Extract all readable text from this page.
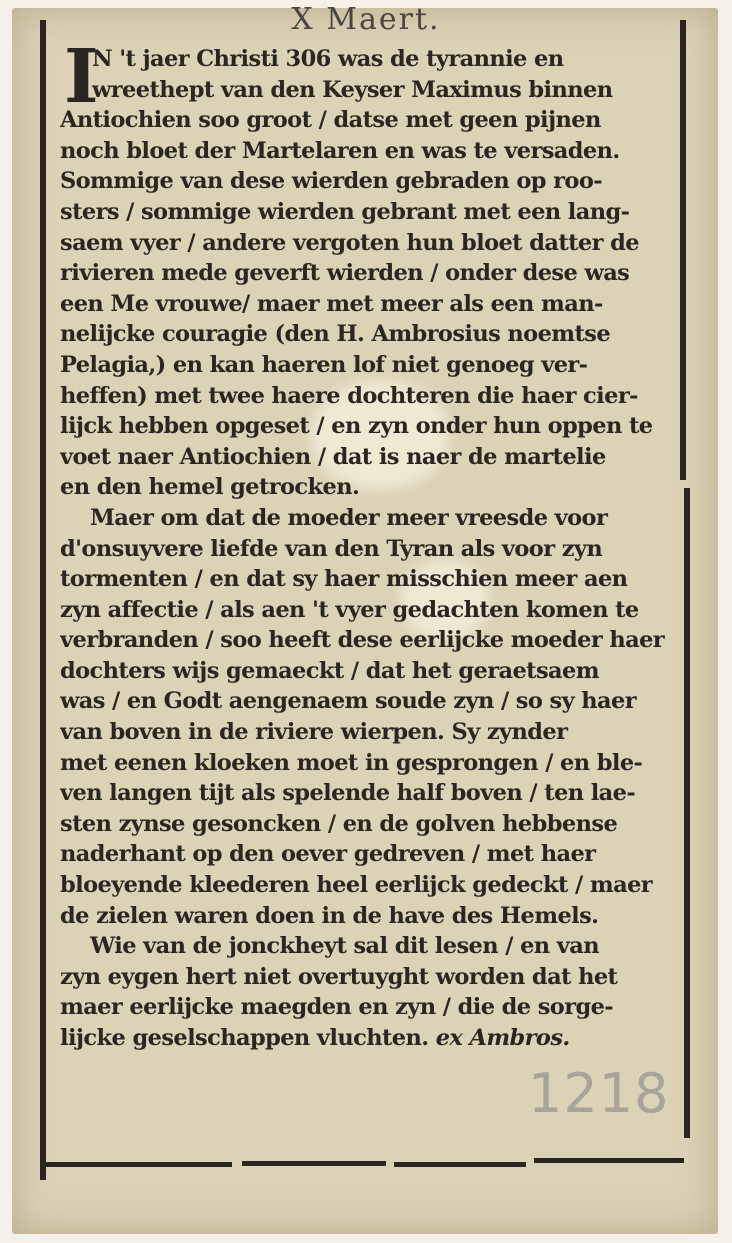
X Maert.
I
N 't jaer Christi 306 was de tyrannie en
wreethept van den Keyser Maximus binnen
Antiochien soo groot / datse met geen pijnen
noch bloet der Martelaren en was te versaden.
Sommige van dese wierden gebraden op roo-
sters / sommige wierden gebrant met een lang-
saem vyer / andere vergoten hun bloet datter de
rivieren mede geverft wierden / onder dese was
een Me vrouwe/ maer met meer als een man-
nelijcke couragie (den H. Ambrosius noemtse
Pelagia,) en kan haeren lof niet genoeg ver-
heffen) met twee haere dochteren die haer cier-
lijck hebben opgeset / en zyn onder hun oppen te
voet naer Antiochien / dat is naer de martelie
en den hemel getrocken.
Maer om dat de moeder meer vreesde voor
d'onsuyvere liefde van den Tyran als voor zyn
tormenten / en dat sy haer misschien meer aen
zyn affectie / als aen 't vyer gedachten komen te
verbranden / soo heeft dese eerlijcke moeder haer
dochters wijs gemaeckt / dat het geraetsaem
was / en Godt aengenaem soude zyn / so sy haer
van boven in de riviere wierpen. Sy zynder
met eenen kloeken moet in gesprongen / en ble-
ven langen tijt als spelende half boven / ten lae-
sten zynse gesoncken / en de golven hebbense
naderhant op den oever gedreven / met haer
bloeyende kleederen heel eerlijck gedeckt / maer
de zielen waren doen in de have des Hemels.
Wie van de jonckheyt sal dit lesen / en van
zyn eygen hert niet overtuyght worden dat het
maer eerlijcke maegden en zyn / die de sorge-
lijcke geselschappen vluchten. ex Ambros.
1218
